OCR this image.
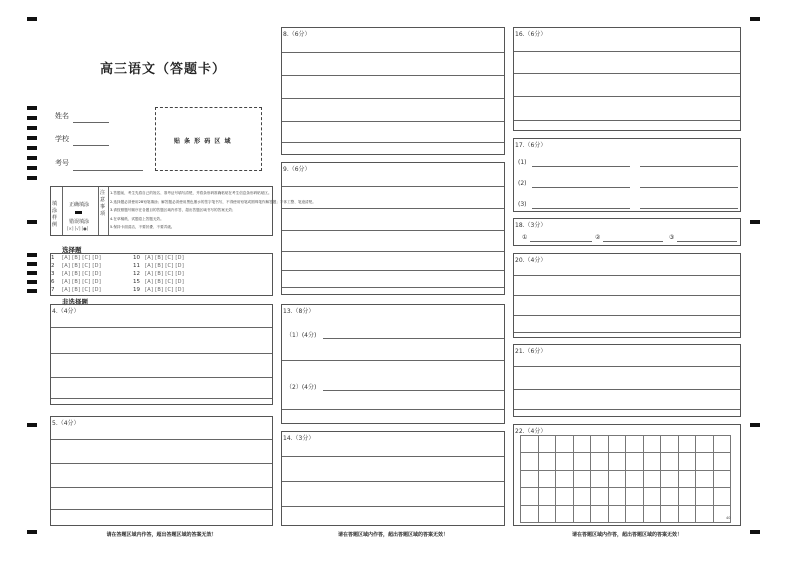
高三语文（答题卡）
姓名
学校
考号
贴 条 形 码 区 域
填涂样例
正确填涂
错误填涂
[×] [√] [●]
注意事项
1.答题前，考生先将自己的姓名、准考证号填写清楚，并将条形码准确粘贴在考生信息条形码粘贴区。
2.选择题必须使用2B铅笔填涂；解答题必须使用黑色墨水的签字笔书写，不得使用铅笔或圆珠笔作解答题；字体工整、笔迹清楚。
3.请按照题号顺序在各题目的答题区域内作答，超出答题区域书写的答案无效；
4.在草稿纸、试题卷上答题无效。
5.保持卡面清洁，不要折叠、不要弄破。
选择题
1 [A] [B] [C] [D]
2 [A] [B] [C] [D]
3 [A] [B] [C] [D]
6 [A] [B] [C] [D]
7 [A] [B] [C] [D]
10 [A] [B] [C] [D]
11 [A] [B] [C] [D]
12 [A] [B] [C] [D]
15 [A] [B] [C] [D]
19 [A] [B] [C] [D]
非选择题
4.（4分）
5.（4分）
请在答题区域内作答，超出答题区域的答案无效！
8.（6分）
9.（6分）
13.（8分）
（1）(4分)
（2）(4分)
14.（3分）
请在答题区域内作答，超出答题区域的答案无效！
16.（6分）
17.（6分）
(1)
(2)
(3)
18.（3分）
①	②	③
20.（4分）
21.（6分）
22.（4分）
40
请在答题区域内作答，超出答题区域的答案无效！
